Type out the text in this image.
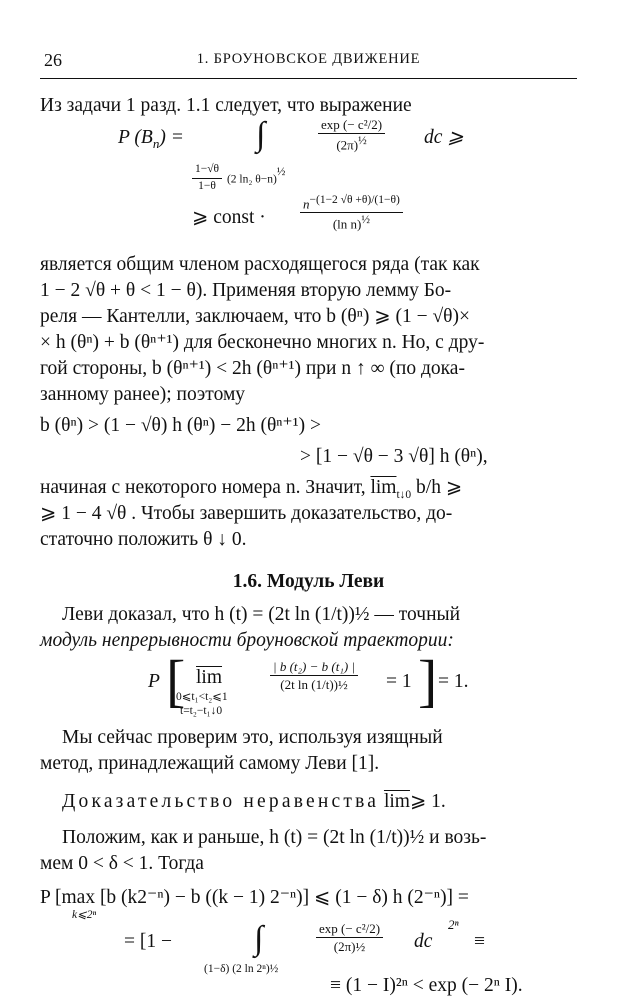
26	1. БРОУНОВСКОЕ ДВИЖЕНИЕ
Из задачи 1 разд. 1.1 следует, что выражение
P $(B_n)$ = ∫	$\frac{\text{exp (− c²/2)}}{(2\pi)^{\frac{1}{2}}}$ dc ⩾
$\frac{1-√\theta}{1-\theta} (2$ ln₂ θ−n)$^{\frac{1}{2}}$
⩾ const ·	$\frac{n^{-(1-2 √\theta +\theta)/(1-\theta)}}{(\ln n)^{\frac{1}{2}}}$
является общим членом расходящегося ряда (так как
1 − 2 √θ + θ < 1 − θ). Применяя вторую лемму Бо-
реля — Кантелли, заключаем, что b (θⁿ) ⩾ (1 − √θ)×
× h (θⁿ) + b (θⁿ⁺¹) для бесконечно многих n. Но, с дру-
гой стороны, b (θⁿ⁺¹) < 2h (θⁿ⁺¹) при n ↑ ∞ (по дока-
занному ранее); поэтому
b (θⁿ) > (1 − √θ) h (θⁿ) − 2h (θⁿ⁺¹) >
> [1 − √θ − 3 √θ] h (θⁿ),
начиная с некоторого номера n. Значит, $\overline{lim}_{t↓0}$ b/h ⩾
⩾ 1 − 4 √θ . Чтобы завершить доказательство, до-
статочно положить θ ↓ 0.
1.6. Модуль Леви
Леви доказал, что h (t) = (2t ln (1/t))½ — точный
модуль непрерывности броуновской траектории:
P [ $\overline{lim}$
0⩽t₁<t₂⩽1
t=t₂−t₁↓0
$\frac{\text{| b (t₂) − b (t₁) |}}{\text{(2t ln (1/t))½}} = 1$ ] = 1.
Мы сейчас проверим это, используя изящный
метод, принадлежащий самому Леви [1].
Доказательство неравенства $\overline{lim}⩾$ 1.
Положим, как и раньше, h (t) = (2t ln (1/t))½ и возь-
мем 0 < δ < 1. Тогда
P [max [b (k2⁻ⁿ) − b ((k − 1) 2⁻ⁿ)] ⩽ (1 − δ) h (2⁻ⁿ)] =
k⩽2ⁿ
= [1 − ∫	$\frac{\text{exp (− c²/2)}}{\text{(2π)½}}$ dc
2ⁿ
≡
(1−δ) (2 ln 2ⁿ)½
≡ (1 − I)²ⁿ < exp (− 2ⁿ I).
